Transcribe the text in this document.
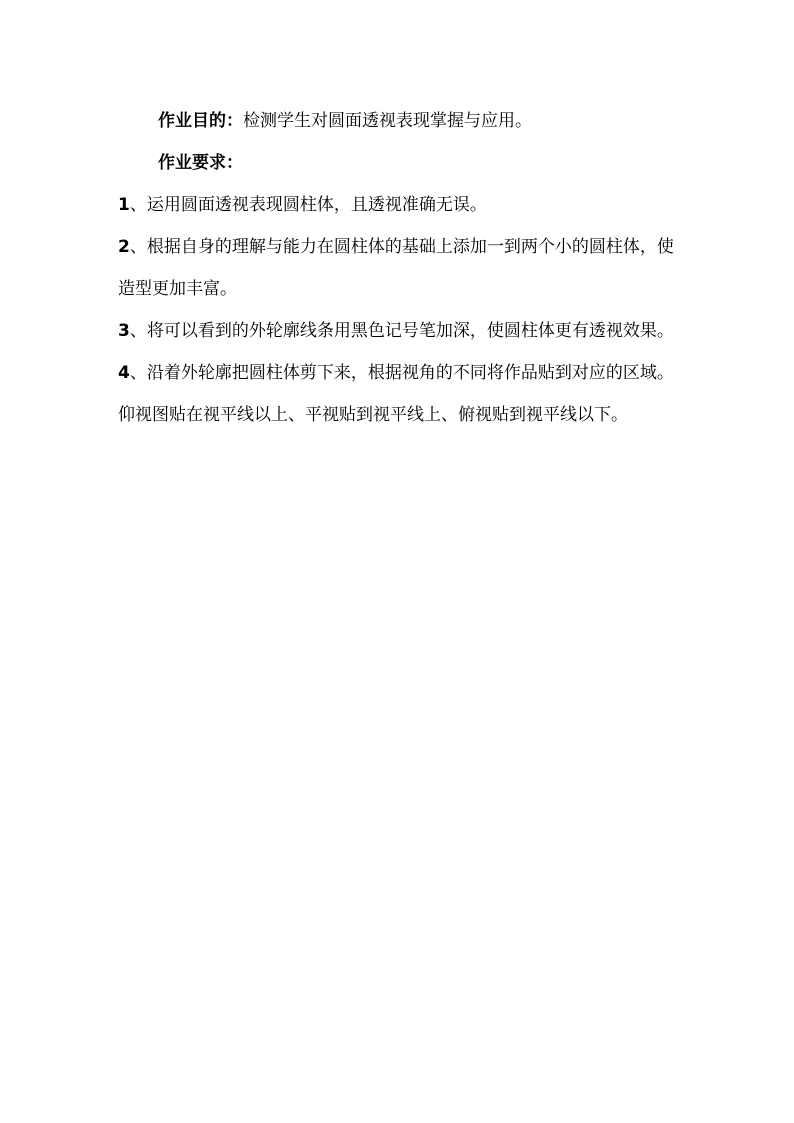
作业目的：检测学生对圆面透视表现掌握与应用。

作业要求：

1、运用圆面透视表现圆柱体，且透视准确无误。

2、根据自身的理解与能力在圆柱体的基础上添加一到两个小的圆柱体，使造型更加丰富。

3、将可以看到的外轮廓线条用黑色记号笔加深，使圆柱体更有透视效果。

4、沿着外轮廓把圆柱体剪下来，根据视角的不同将作品贴到对应的区域。仰视图贴在视平线以上、平视贴到视平线上、俯视贴到视平线以下。
